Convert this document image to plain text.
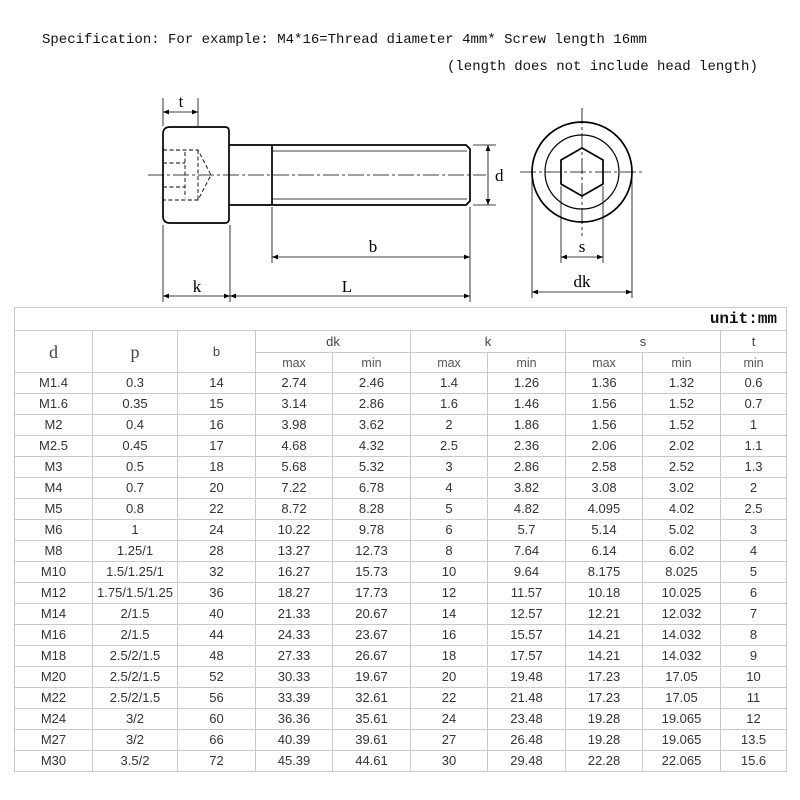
Specification: For example: M4*16=Thread diameter 4mm* Screw length 16mm

(length does not include head length)

t
d
b
k	L
s
dk
unit:mm									
d	p	b	dk		k		s		t
			max	min	max	min	max	min	min
M1.4	0.3	14	2.74	2.46	1.4	1.26	1.36	1.32	0.6
M1.6	0.35	15	3.14	2.86	1.6	1.46	1.56	1.52	0.7
M2	0.4	16	3.98	3.62	2	1.86	1.56	1.52	1
M2.5	0.45	17	4.68	4.32	2.5	2.36	2.06	2.02	1.1
M3	0.5	18	5.68	5.32	3	2.86	2.58	2.52	1.3
M4	0.7	20	7.22	6.78	4	3.82	3.08	3.02	2
M5	0.8	22	8.72	8.28	5	4.82	4.095	4.02	2.5
M6	1	24	10.22	9.78	6	5.7	5.14	5.02	3
M8	1.25/1	28	13.27	12.73	8	7.64	6.14	6.02	4
M10	1.5/1.25/1	32	16.27	15.73	10	9.64	8.175	8.025	5
M12	1.75/1.5/1.25	36	18.27	17.73	12	11.57	10.18	10.025	6
M14	2/1.5	40	21.33	20.67	14	12.57	12.21	12.032	7
M16	2/1.5	44	24.33	23.67	16	15.57	14.21	14.032	8
M18	2.5/2/1.5	48	27.33	26.67	18	17.57	14.21	14.032	9
M20	2.5/2/1.5	52	30.33	19.67	20	19.48	17.23	17.05	10
M22	2.5/2/1.5	56	33.39	32.61	22	21.48	17.23	17.05	11
M24	3/2	60	36.36	35.61	24	23.48	19.28	19.065	12
M27	3/2	66	40.39	39.61	27	26.48	19.28	19.065	13.5
M30	3.5/2	72	45.39	44.61	30	29.48	22.28	22.065	15.6
